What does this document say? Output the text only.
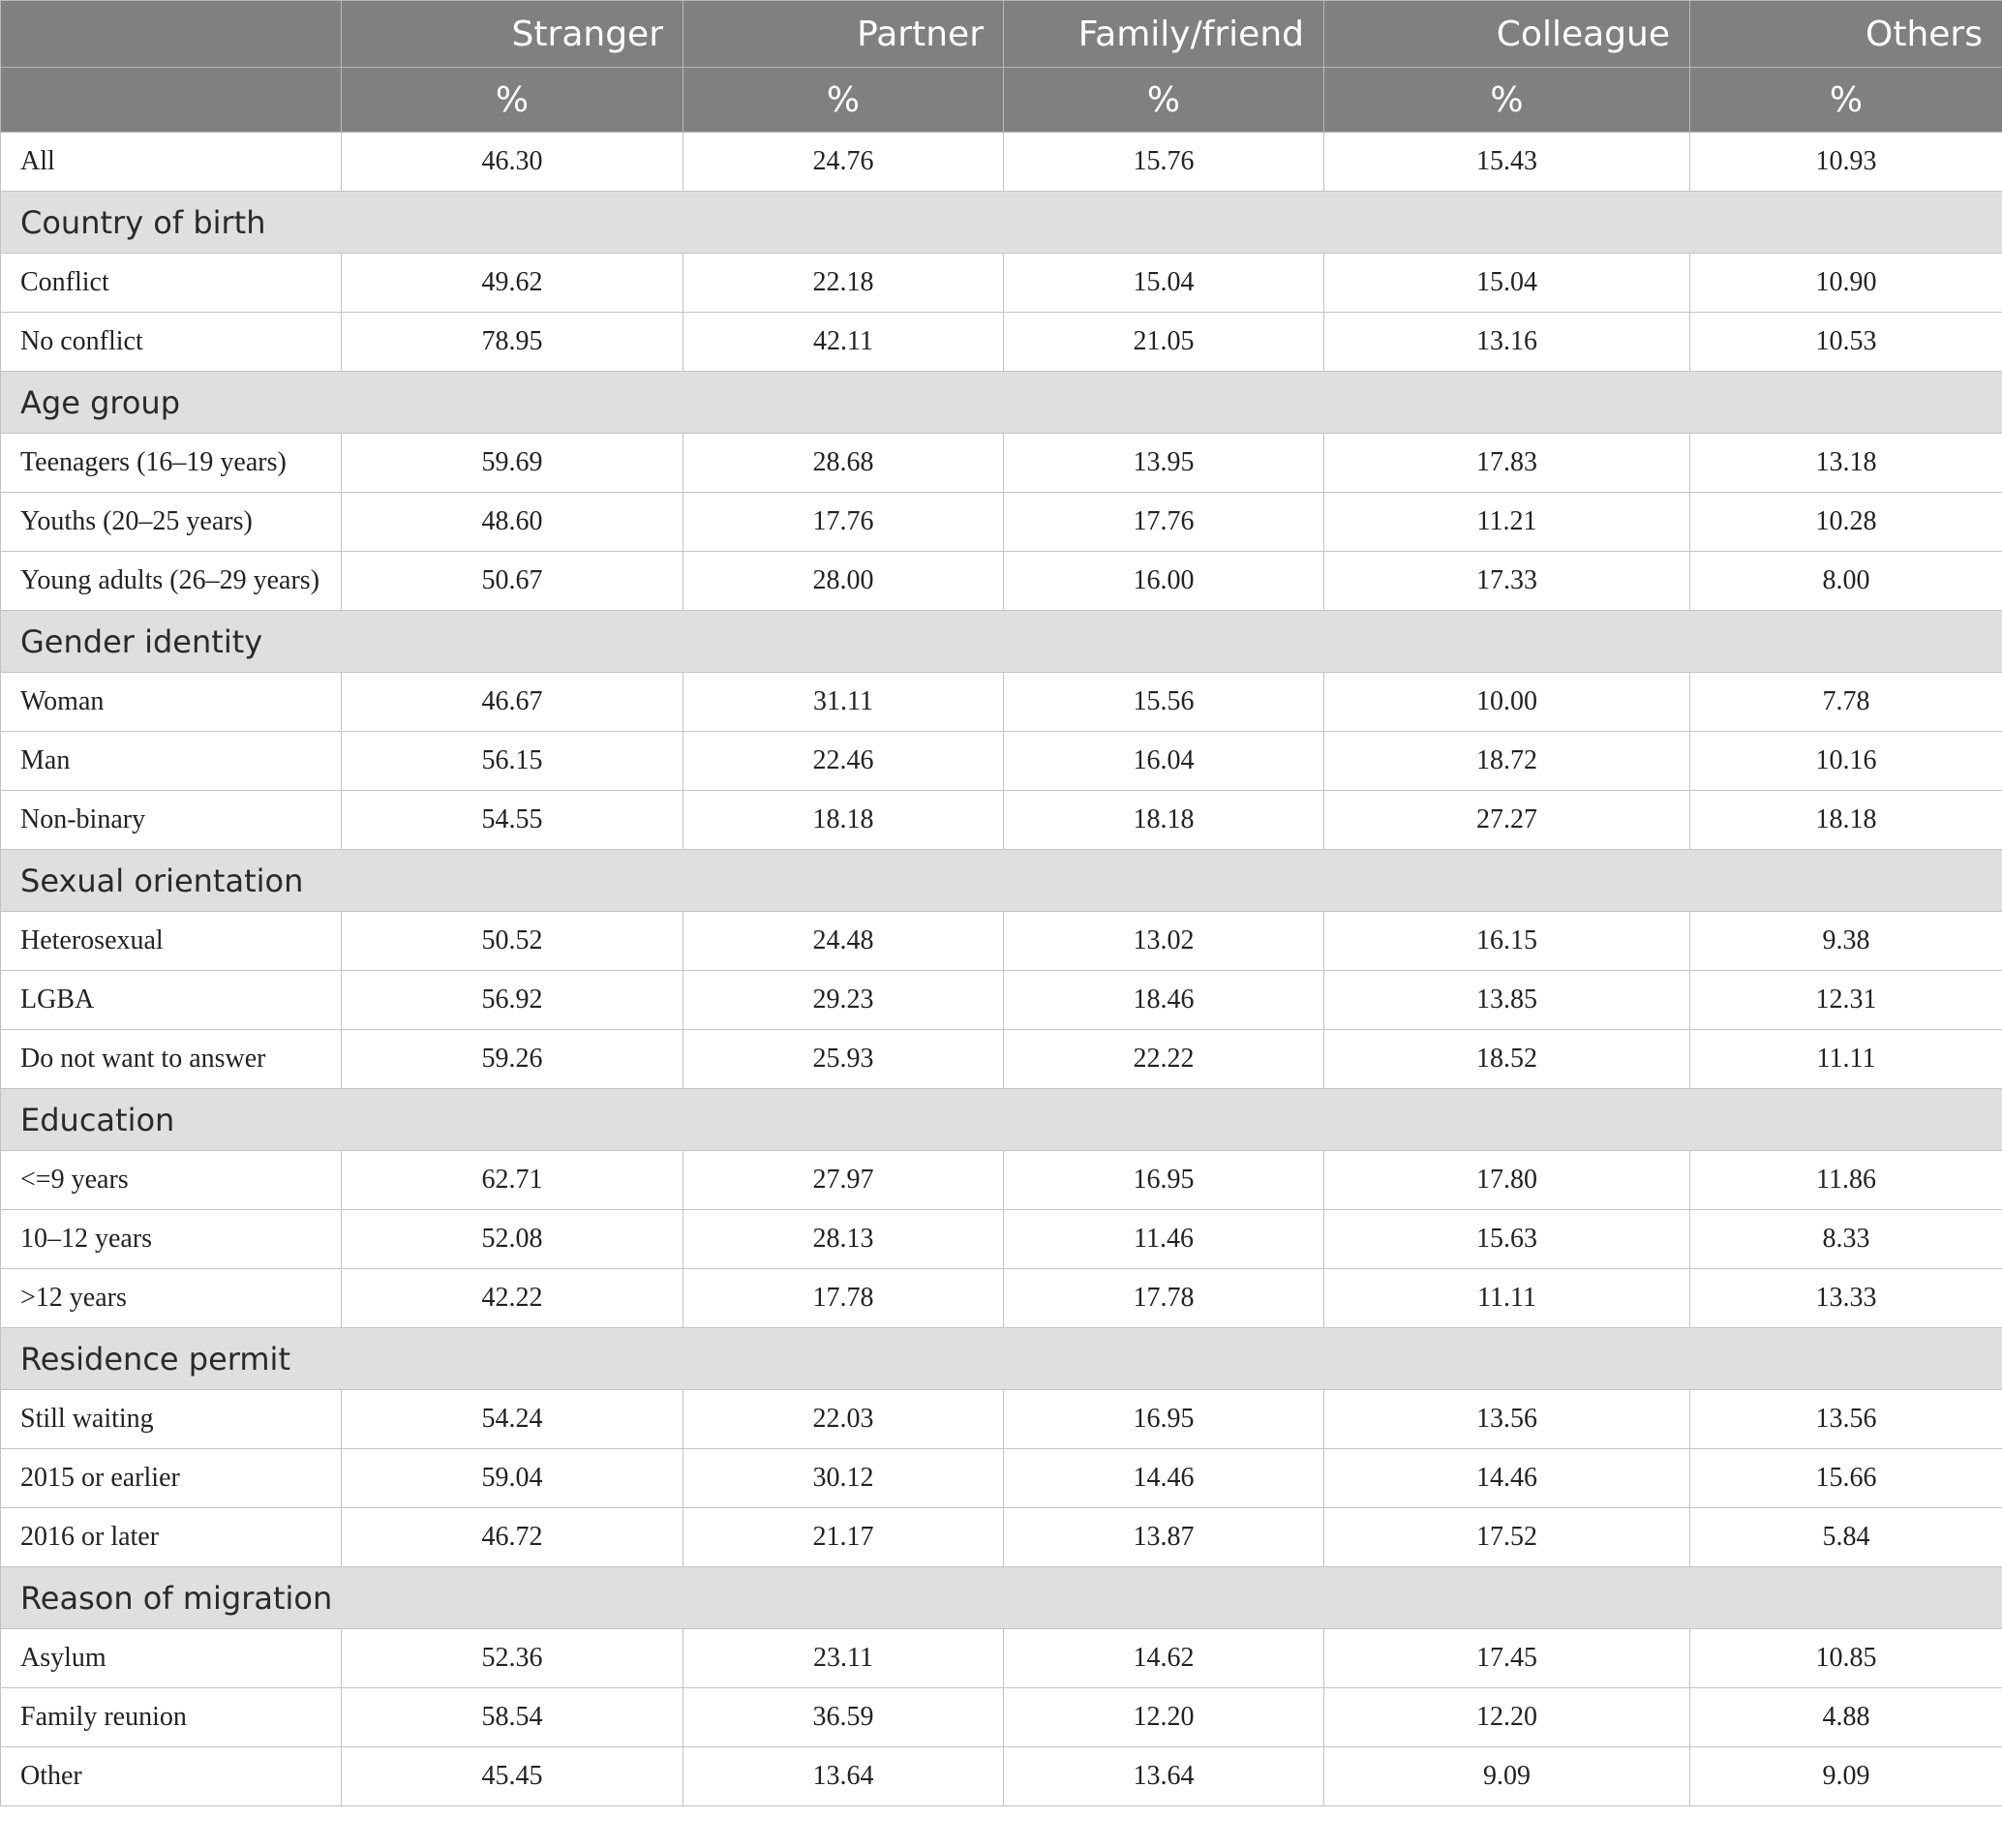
	Stranger	Partner	Family/friend	Colleague	Others
	%	%	%	%	%
All	46.30	24.76	15.76	15.43	10.93
Country of birth					
Conflict	49.62	22.18	15.04	15.04	10.90
No conflict	78.95	42.11	21.05	13.16	10.53
Age group					
Teenagers (16–19 years)	59.69	28.68	13.95	17.83	13.18
Youths (20–25 years)	48.60	17.76	17.76	11.21	10.28
Young adults (26–29 years)	50.67	28.00	16.00	17.33	8.00
Gender identity					
Woman	46.67	31.11	15.56	10.00	7.78
Man	56.15	22.46	16.04	18.72	10.16
Non-binary	54.55	18.18	18.18	27.27	18.18
Sexual orientation					
Heterosexual	50.52	24.48	13.02	16.15	9.38
LGBA	56.92	29.23	18.46	13.85	12.31
Do not want to answer	59.26	25.93	22.22	18.52	11.11
Education					
<=9 years	62.71	27.97	16.95	17.80	11.86
10–12 years	52.08	28.13	11.46	15.63	8.33
>12 years	42.22	17.78	17.78	11.11	13.33
Residence permit					
Still waiting	54.24	22.03	16.95	13.56	13.56
2015 or earlier	59.04	30.12	14.46	14.46	15.66
2016 or later	46.72	21.17	13.87	17.52	5.84
Reason of migration					
Asylum	52.36	23.11	14.62	17.45	10.85
Family reunion	58.54	36.59	12.20	12.20	4.88
Other	45.45	13.64	13.64	9.09	9.09
